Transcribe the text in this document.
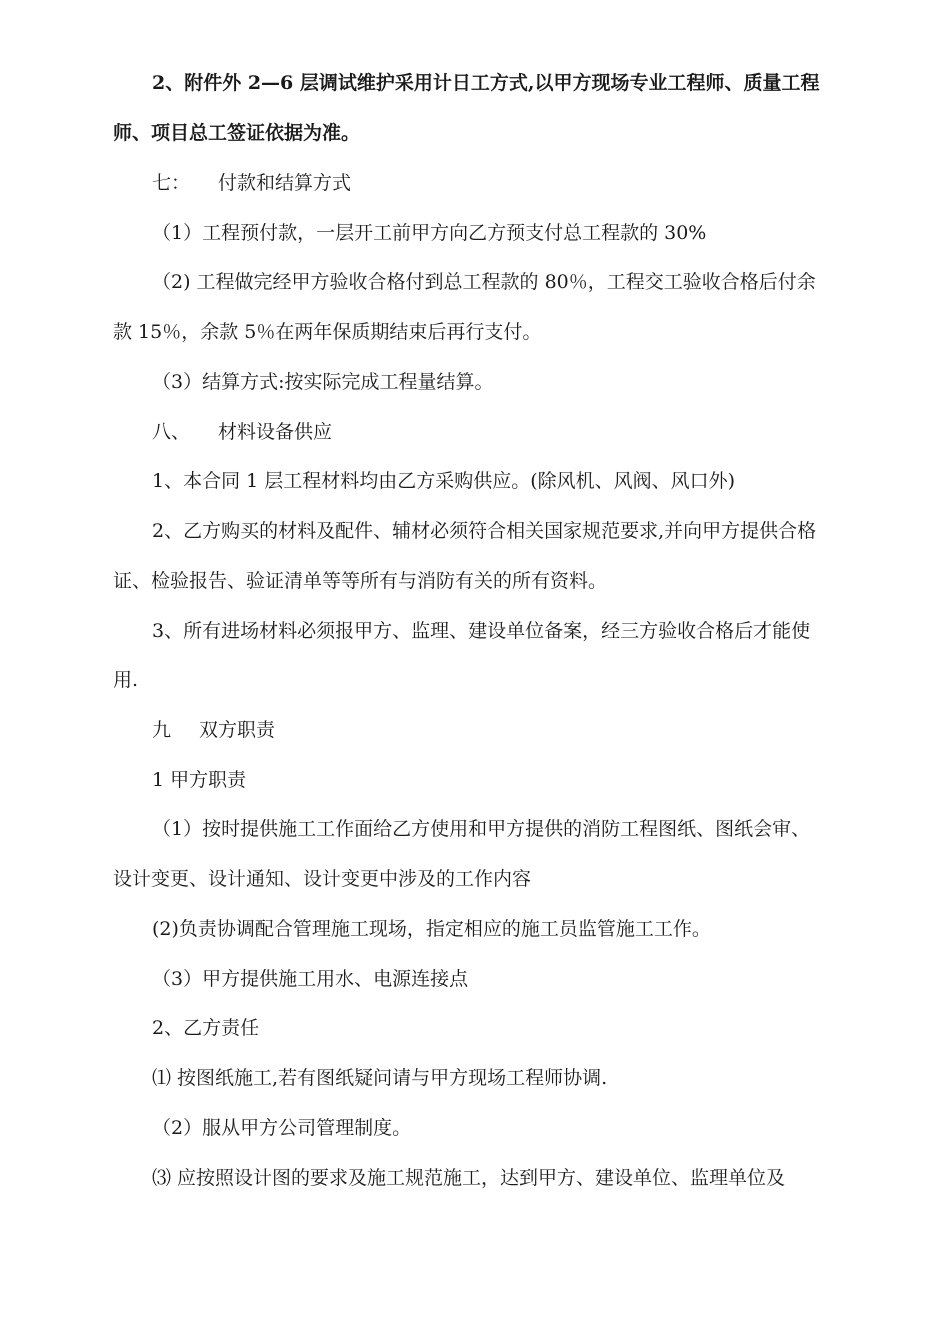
2、附件外 2—6 层调试维护采用计日工方式,以甲方现场专业工程师、质量工程
师、项目总工签证依据为准。
七： 付款和结算方式
（1）工程预付款，一层开工前甲方向乙方预支付总工程款的 30%
（2) 工程做完经甲方验收合格付到总工程款的 80％，工程交工验收合格后付余
款 15％，余款 5％在两年保质期结束后再行支付。
（3）结算方式:按实际完成工程量结算。
八、 材料设备供应
1、本合同 1 层工程材料均由乙方采购供应。(除风机、风阀、风口外)
2、乙方购买的材料及配件、辅材必须符合相关国家规范要求,并向甲方提供合格
证、检验报告、验证清单等等所有与消防有关的所有资料。
3、所有进场材料必须报甲方、监理、建设单位备案，经三方验收合格后才能使
用.
九 双方职责
1 甲方职责
（1）按时提供施工工作面给乙方使用和甲方提供的消防工程图纸、图纸会审、
设计变更、设计通知、设计变更中涉及的工作内容
(2)负责协调配合管理施工现场，指定相应的施工员监管施工工作。
（3）甲方提供施工用水、电源连接点
2、乙方责任
⑴ 按图纸施工,若有图纸疑问请与甲方现场工程师协调.
（2）服从甲方公司管理制度。
⑶ 应按照设计图的要求及施工规范施工，达到甲方、建设单位、监理单位及
